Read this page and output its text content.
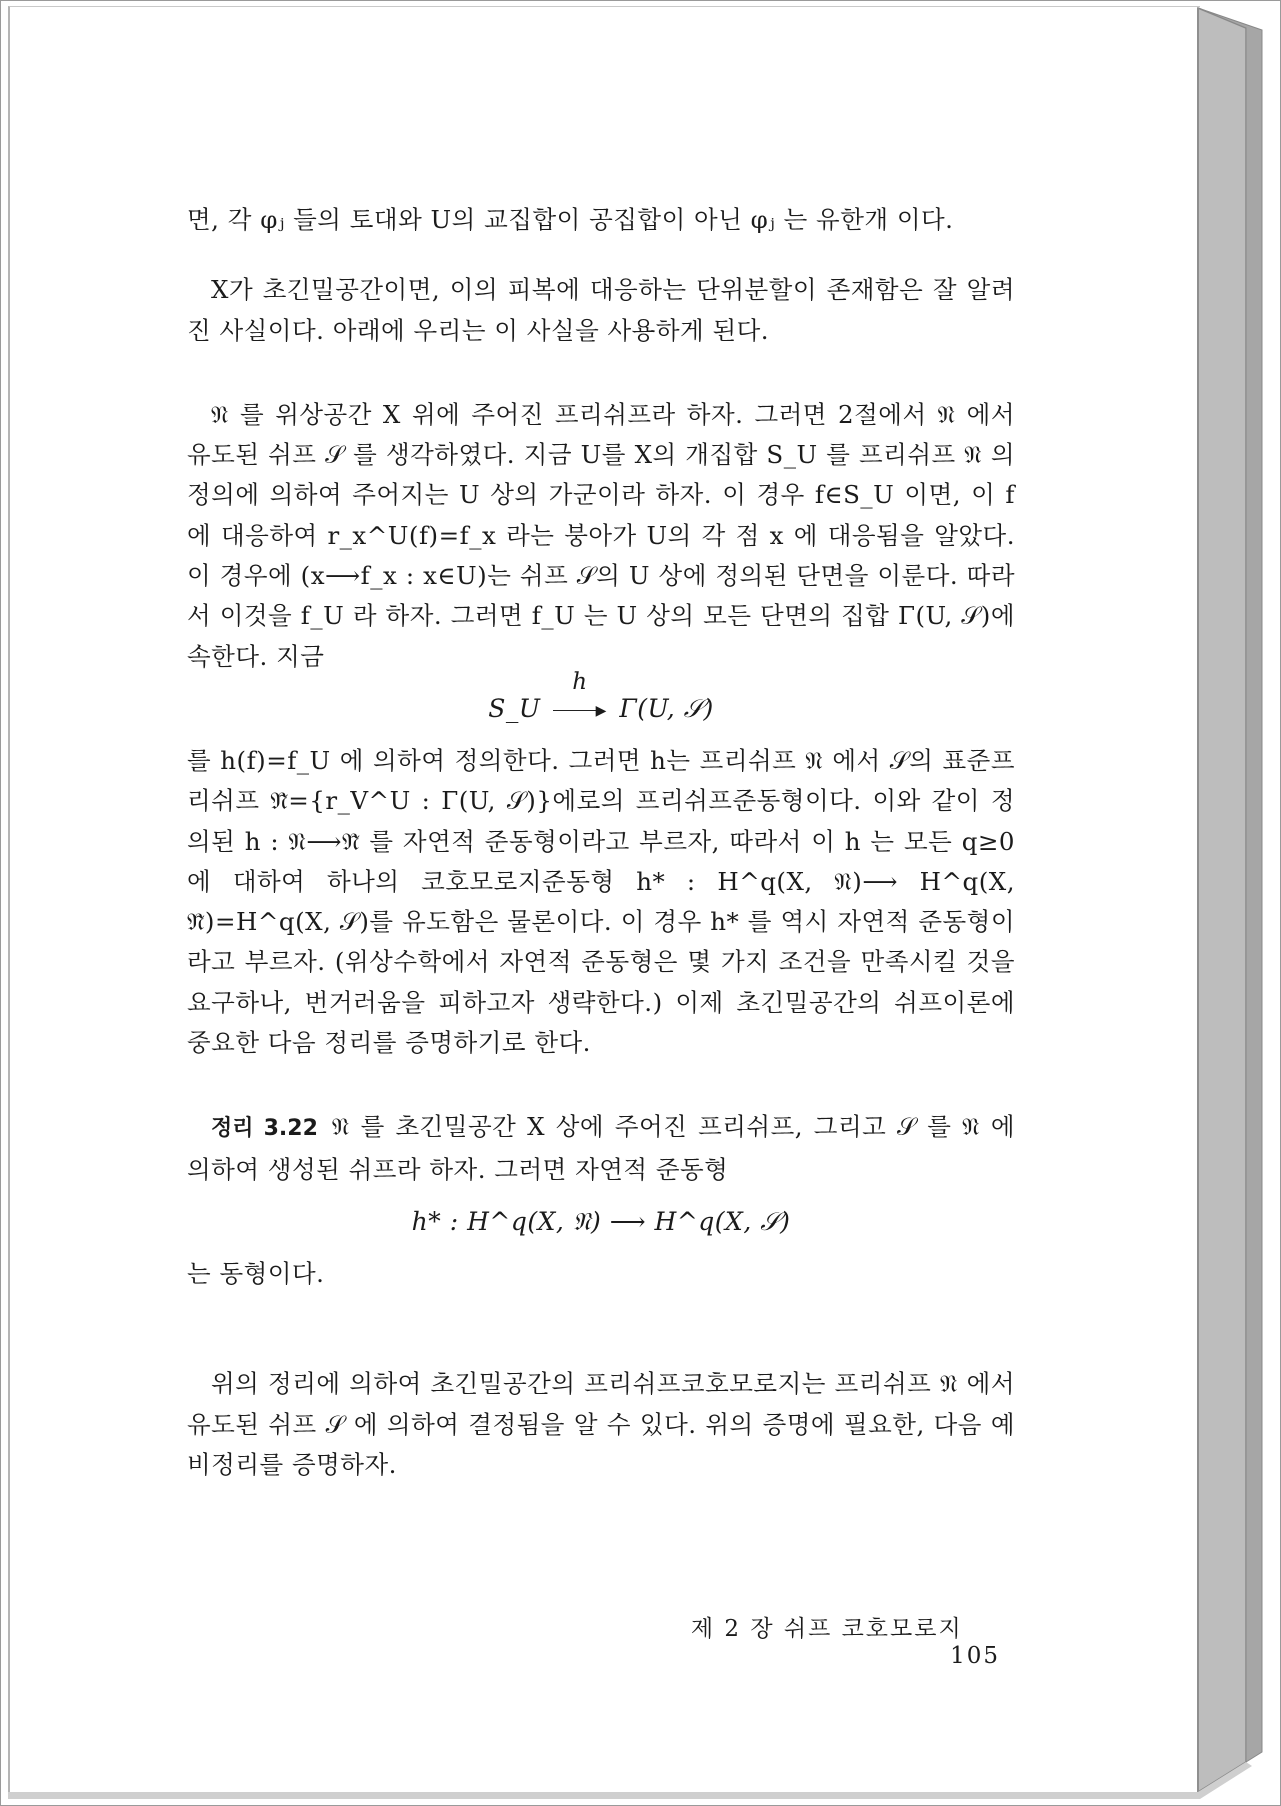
면, 각 φⱼ 들의 토대와 U의 교집합이 공집합이 아닌 φⱼ 는 유한개 이다.

X가 초긴밀공간이면, 이의 피복에 대응하는 단위분할이 존재함은 잘 알려진 사실이다. 아래에 우리는 이 사실을 사용하게 된다.

𝔑 를 위상공간 X 위에 주어진 프리쉬프라 하자. 그러면 2절에서 𝔑 에서 유도된 쉬프 𝒮 를 생각하였다. 지금 U를 X의 개집합 S_U 를 프리쉬프 𝔑 의 정의에 의하여 주어지는 U 상의 가군이라 하자. 이 경우 f∈S_U 이면, 이 f 에 대응하여 r_x^U(f)=f_x 라는 붕아가 U의 각 점 x 에 대응됨을 알았다. 이 경우에 (x⟶f_x : x∈U)는 쉬프 𝒮의 U 상에 정의된 단면을 이룬다. 따라서 이것을 f_U 라 하자. 그러면 f_U 는 U 상의 모든 단면의 집합 Γ(U, 𝒮)에 속한다. 지금

S_U
h
▶ Γ(U, 𝒮)

를 h(f)=f_U 에 의하여 정의한다. 그러면 h는 프리쉬프 𝔑 에서 𝒮의 표준프리쉬프 𝔑̃={r_V^U : Γ(U, 𝒮)}에로의 프리쉬프준동형이다. 이와 같이 정의된 h : 𝔑⟶𝔑̃ 를 자연적 준동형이라고 부르자, 따라서 이 h 는 모든 q≥0 에 대하여 하나의 코호모로지준동형 h* : H^q(X, 𝔑)⟶ H^q(X, 𝔑̃)=H^q(X, 𝒮)를 유도함은 물론이다. 이 경우 h* 를 역시 자연적 준동형이라고 부르자. (위상수학에서 자연적 준동형은 몇 가지 조건을 만족시킬 것을 요구하나, 번거러움을 피하고자 생략한다.) 이제 초긴밀공간의 쉬프이론에 중요한 다음 정리를 증명하기로 한다.

정리 3.22 𝔑 를 초긴밀공간 X 상에 주어진 프리쉬프, 그리고 𝒮 를 𝔑 에 의하여 생성된 쉬프라 하자. 그러면 자연적 준동형

h* : H^q(X, 𝔑) ⟶ H^q(X, 𝒮)

는 동형이다.

위의 정리에 의하여 초긴밀공간의 프리쉬프코호모로지는 프리쉬프 𝔑 에서 유도된 쉬프 𝒮 에 의하여 결정됨을 알 수 있다. 위의 증명에 필요한, 다음 예비정리를 증명하자.

제 2 장 쉬프 코호모로지  105
